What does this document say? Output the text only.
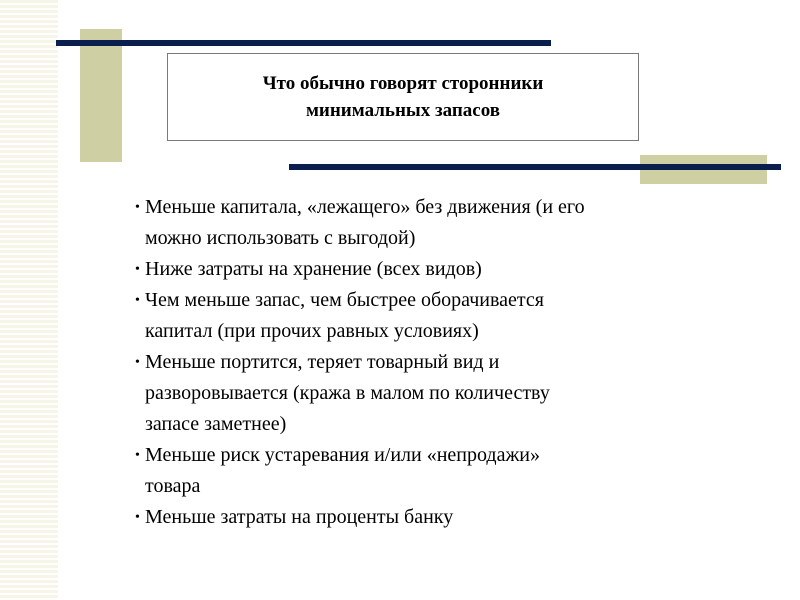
Что обычно говорят сторонники
минимальных запасов
• Меньше капитала, «лежащего» без движения (и его
можно использовать с выгодой)
• Ниже затраты на хранение (всех видов)
• Чем меньше запас, чем быстрее оборачивается
капитал (при прочих равных условиях)
• Меньше портится, теряет товарный вид и
разворовывается (кража в малом по количеству
запасе заметнее)
• Меньше риск устаревания и/или «непродажи»
товара
• Меньше затраты на проценты банку
